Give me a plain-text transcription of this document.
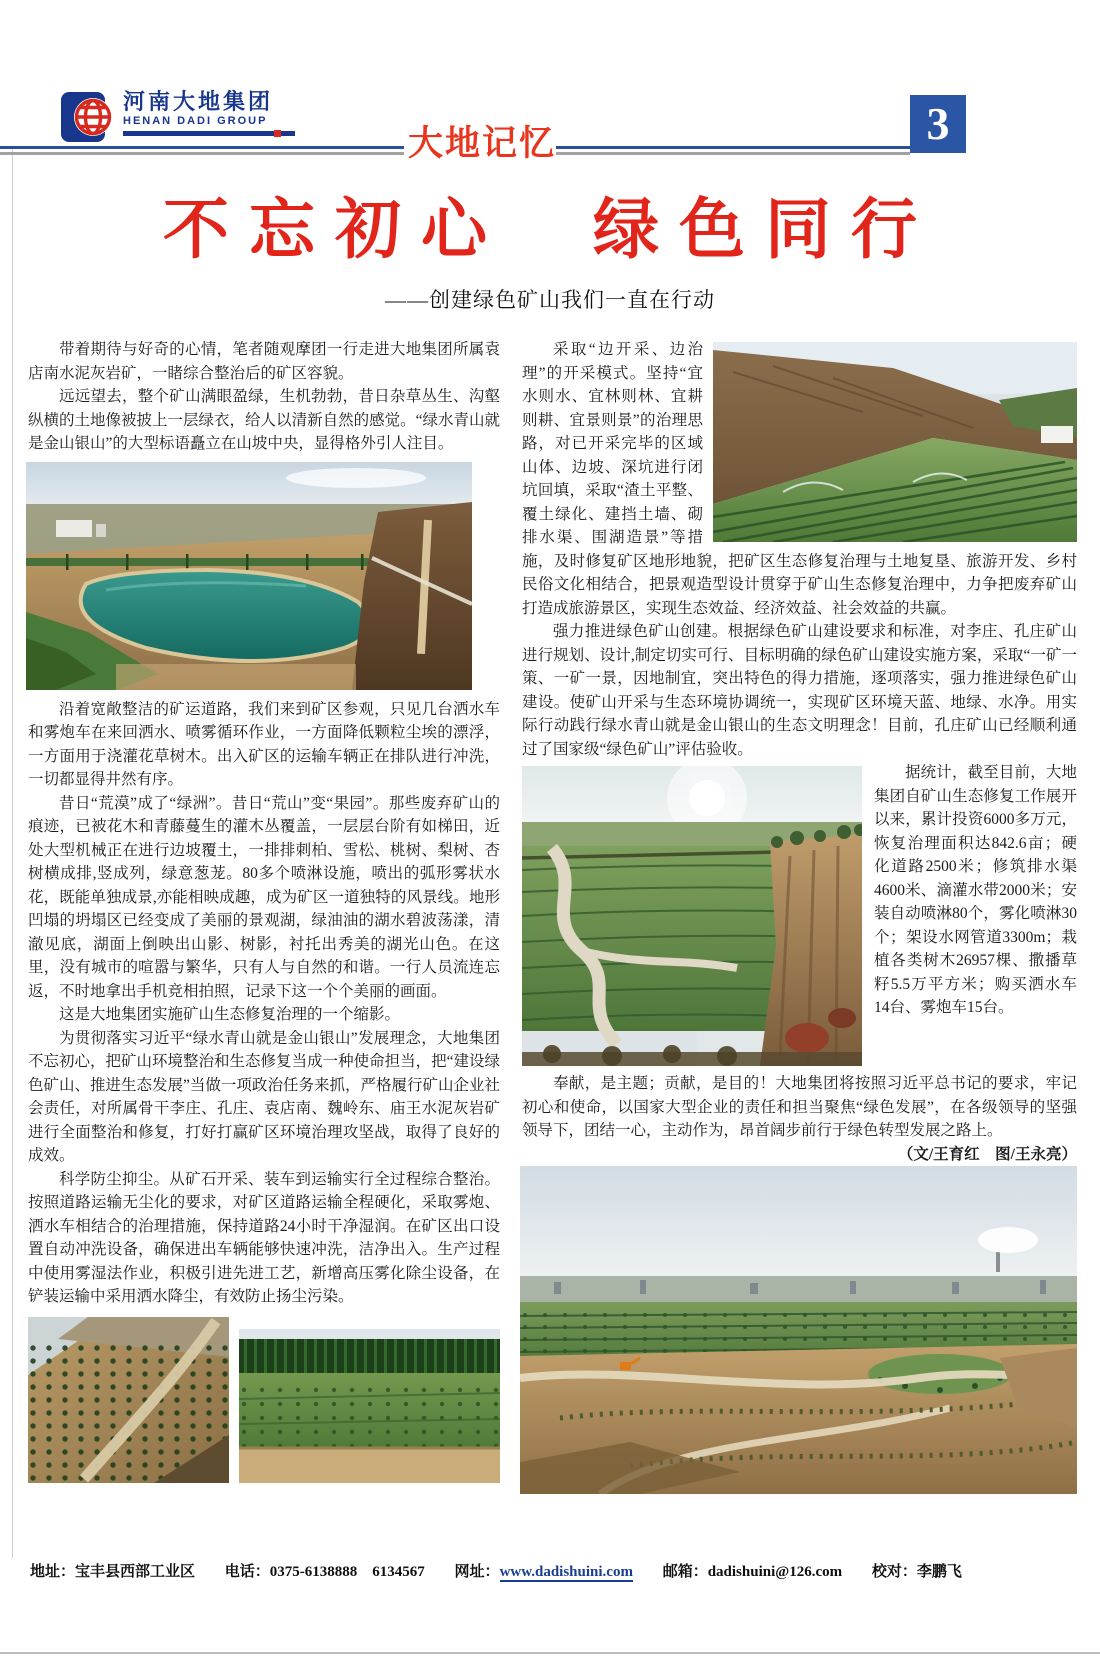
河南大地集团
HENAN DADI GROUP
大地记忆	3
不忘初心　绿色同行
——创建绿色矿山我们一直在行动

带着期待与好奇的心情，笔者随观摩团一行走进大地集团所属袁店南水泥灰岩矿，一睹综合整治后的矿区容貌。

远远望去，整个矿山满眼盈绿，生机勃勃，昔日杂草丛生、沟壑纵横的土地像被披上一层绿衣，给人以清新自然的感觉。“绿水青山就是金山银山”的大型标语矗立在山坡中央，显得格外引人注目。

沿着宽敞整洁的矿运道路，我们来到矿区参观，只见几台洒水车和雾炮车在来回洒水、喷雾循环作业，一方面降低颗粒尘埃的漂浮，一方面用于浇灌花草树木。出入矿区的运输车辆正在排队进行冲洗，一切都显得井然有序。

昔日“荒漠”成了“绿洲”。昔日“荒山”变“果园”。那些废弃矿山的痕迹，已被花木和青藤蔓生的灌木丛覆盖，一层层台阶有如梯田，近处大型机械正在进行边坡覆土，一排排刺柏、雪松、桃树、梨树、杏树横成排,竖成列，绿意葱茏。80多个喷淋设施，喷出的弧形雾状水花，既能单独成景,亦能相映成趣，成为矿区一道独特的风景线。地形凹塌的坍塌区已经变成了美丽的景观湖，绿油油的湖水碧波荡漾，清澈见底，湖面上倒映出山影、树影，衬托出秀美的湖光山色。在这里，没有城市的喧嚣与繁华，只有人与自然的和谐。一行人员流连忘返，不时地拿出手机竞相拍照，记录下这一个个美丽的画面。

这是大地集团实施矿山生态修复治理的一个缩影。

为贯彻落实习近平“绿水青山就是金山银山”发展理念，大地集团不忘初心，把矿山环境整治和生态修复当成一种使命担当，把“建设绿色矿山、推进生态发展”当做一项政治任务来抓，严格履行矿山企业社会责任，对所属骨干李庄、孔庄、袁店南、魏岭东、庙王水泥灰岩矿进行全面整治和修复，打好打赢矿区环境治理攻坚战，取得了良好的成效。

科学防尘抑尘。从矿石开采、装车到运输实行全过程综合整治。按照道路运输无尘化的要求，对矿区道路运输全程硬化，采取雾炮、洒水车相结合的治理措施，保持道路24小时干净湿润。在矿区出口设置自动冲洗设备，确保进出车辆能够快速冲洗，洁净出入。生产过程中使用雾湿法作业，积极引进先进工艺，新增高压雾化除尘设备，在铲装运输中采用洒水降尘，有效防止扬尘污染。

采取“边开采、边治理”的开采模式。坚持“宜水则水、宜林则林、宜耕则耕、宜景则景”的治理思路，对已开采完毕的区域山体、边坡、深坑进行闭坑回填，采取“渣土平整、覆土绿化、建挡土墙、砌排水渠、围湖造景”等措施，及时修复矿区地形地貌，把矿区生态修复治理与土地复垦、旅游开发、乡村民俗文化相结合，把景观造型设计贯穿于矿山生态修复治理中，力争把废弃矿山打造成旅游景区，实现生态效益、经济效益、社会效益的共赢。

强力推进绿色矿山创建。根据绿色矿山建设要求和标准，对李庄、孔庄矿山进行规划、设计,制定切实可行、目标明确的绿色矿山建设实施方案，采取“一矿一策、一矿一景，因地制宜，突出特色的得力措施，逐项落实，强力推进绿色矿山建设。使矿山开采与生态环境协调统一，实现矿区环境天蓝、地绿、水净。用实际行动践行绿水青山就是金山银山的生态文明理念！目前，孔庄矿山已经顺利通过了国家级“绿色矿山”评估验收。

据统计，截至目前，大地集团自矿山生态修复工作展开以来，累计投资6000多万元，恢复治理面积达842.6亩；硬化道路2500米；修筑排水渠4600米、滴灌水带2000米；安装自动喷淋80个，雾化喷淋30个；架设水网管道3300m；栽植各类树木26957棵、撒播草籽5.5万平方米；购买洒水车14台、雾炮车15台。

奉献，是主题；贡献，是目的！大地集团将按照习近平总书记的要求，牢记初心和使命，以国家大型企业的责任和担当聚焦“绿色发展”，在各级领导的坚强领导下，团结一心，主动作为，昂首阔步前行于绿色转型发展之路上。
（文/王育红　图/王永亮）

地址：宝丰县西部工业区 电话：0375-6138888　6134567 网址：www.dadishuini.com 邮箱：dadishuini@126.com 校对：李鹏飞
